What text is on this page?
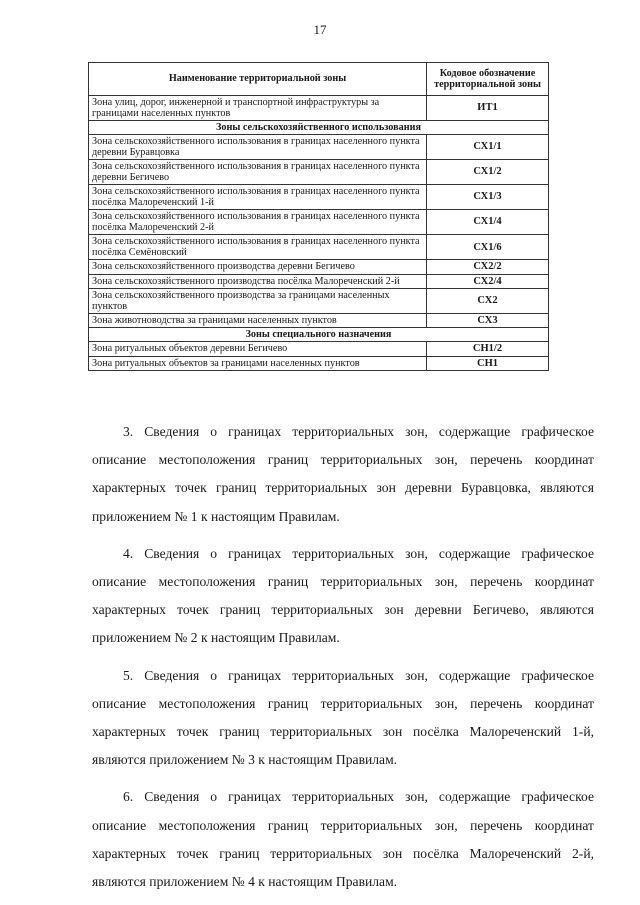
17
Наименование территориальной зоны	Кодовое обозначение территориальной зоны
Зона улиц, дорог, инженерной и транспортной инфраструктуры за границами населенных пунктов	ИТ1
Зоны сельскохозяйственного использования	
Зона сельскохозяйственного использования в границах населенного пункта деревни Буравцовка	СХ1/1
Зона сельскохозяйственного использования в границах населенного пункта деревни Бегичево	СХ1/2
Зона сельскохозяйственного использования в границах населенного пункта посёлка Малореченский 1-й	СХ1/3
Зона сельскохозяйственного использования в границах населенного пункта посёлка Малореченский 2-й	СХ1/4
Зона сельскохозяйственного использования в границах населенного пункта посёлка Семёновский	СХ1/6
Зона сельскохозяйственного производства деревни Бегичево	СХ2/2
Зона сельскохозяйственного производства посёлка Малореченский 2-й	СХ2/4
Зона сельскохозяйственного производства за границами населенных пунктов	СХ2
Зона животноводства за границами населенных пунктов	СХ3
Зоны специального назначения	
Зона ритуальных объектов деревни Бегичево	СН1/2
Зона ритуальных объектов за границами населенных пунктов	СН1

3. Сведения о границах территориальных зон, содержащие графическое описание местоположения границ территориальных зон, перечень координат характерных точек границ территориальных зон деревни Буравцовка, являются приложением № 1 к настоящим Правилам.

4. Сведения о границах территориальных зон, содержащие графическое описание местоположения границ территориальных зон, перечень координат характерных точек границ территориальных зон деревни Бегичево, являются приложением № 2 к настоящим Правилам.

5. Сведения о границах территориальных зон, содержащие графическое описание местоположения границ территориальных зон, перечень координат характерных точек границ территориальных зон посёлка Малореченский 1-й, являются приложением № 3 к настоящим Правилам.

6. Сведения о границах территориальных зон, содержащие графическое описание местоположения границ территориальных зон, перечень координат характерных точек границ территориальных зон посёлка Малореченский 2-й, являются приложением № 4 к настоящим Правилам.
